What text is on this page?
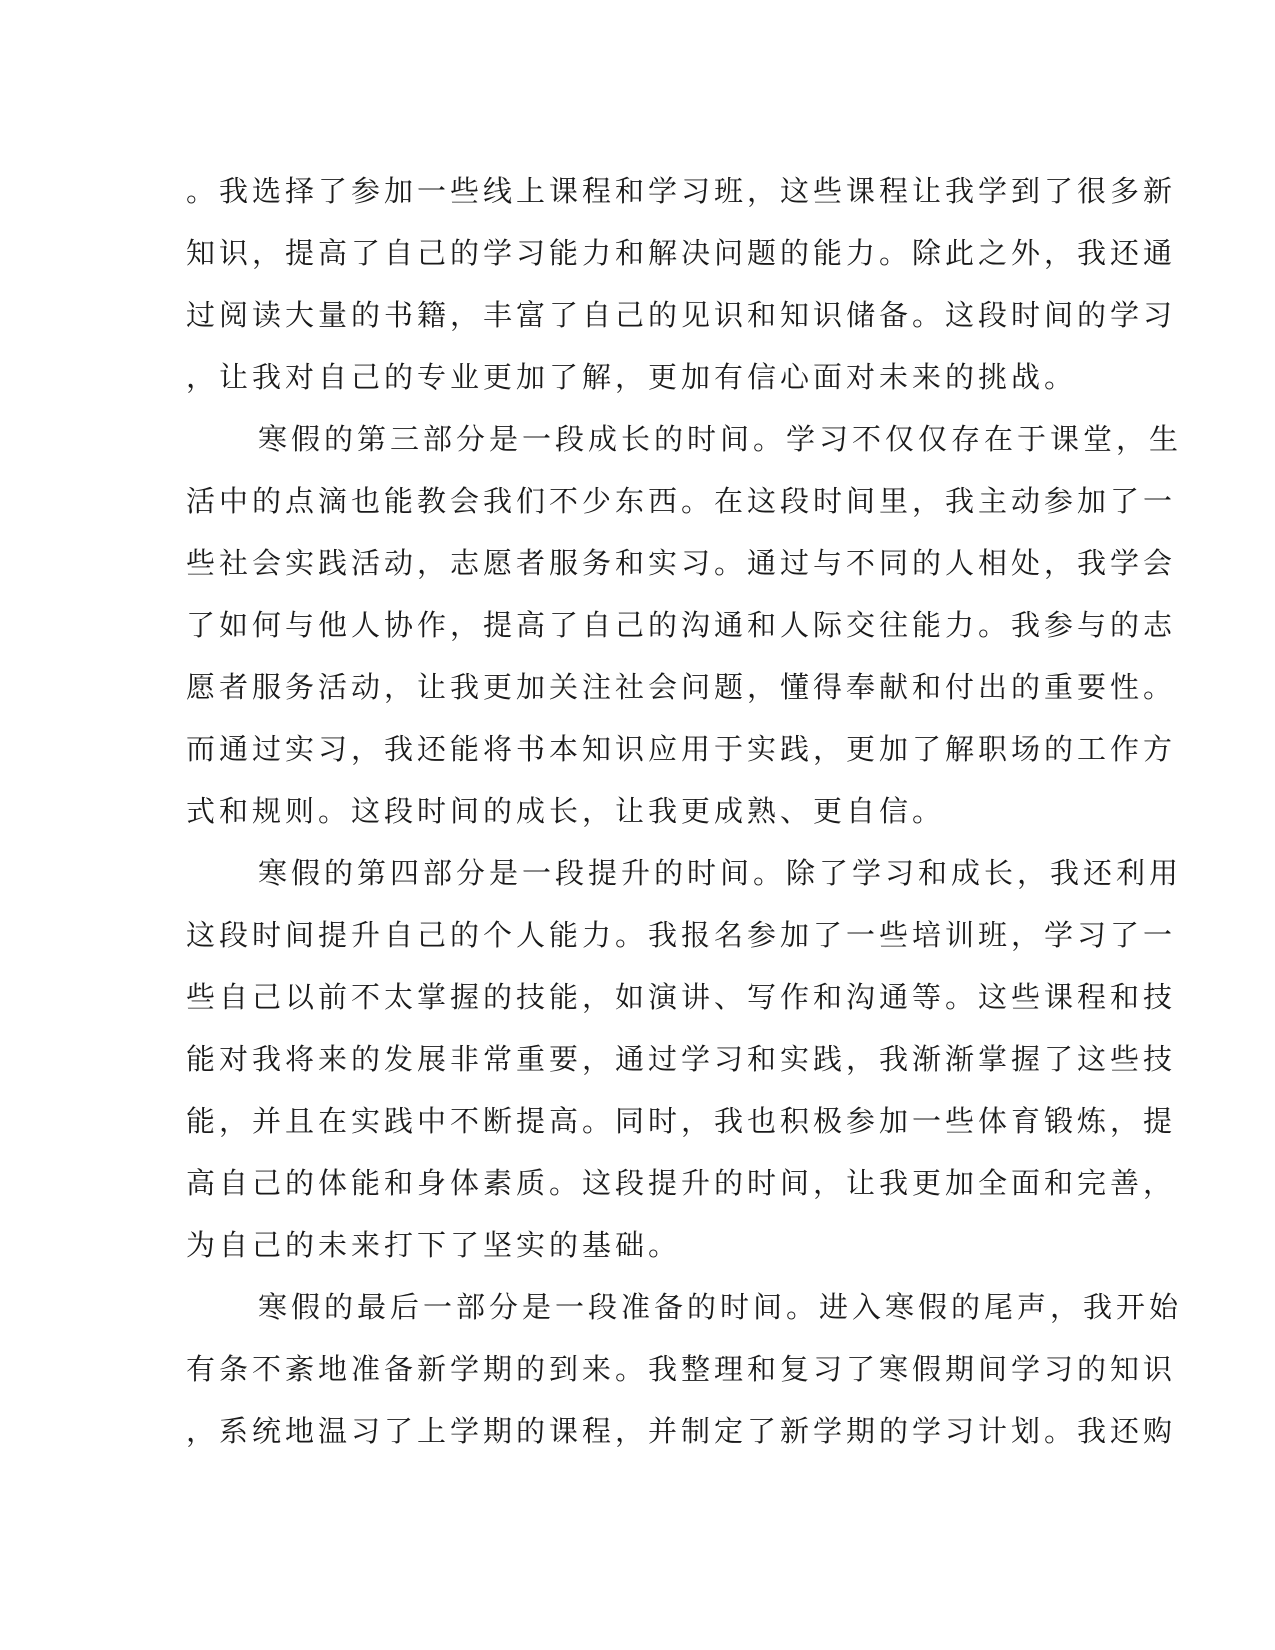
。我选择了参加一些线上课程和学习班，这些课程让我学到了很多新
知识，提高了自己的学习能力和解决问题的能力。除此之外，我还通
过阅读大量的书籍，丰富了自己的见识和知识储备。这段时间的学习
，让我对自己的专业更加了解，更加有信心面对未来的挑战。
寒假的第三部分是一段成长的时间。学习不仅仅存在于课堂，生
活中的点滴也能教会我们不少东西。在这段时间里，我主动参加了一
些社会实践活动，志愿者服务和实习。通过与不同的人相处，我学会
了如何与他人协作，提高了自己的沟通和人际交往能力。我参与的志
愿者服务活动，让我更加关注社会问题，懂得奉献和付出的重要性。
而通过实习，我还能将书本知识应用于实践，更加了解职场的工作方
式和规则。这段时间的成长，让我更成熟、更自信。
寒假的第四部分是一段提升的时间。除了学习和成长，我还利用
这段时间提升自己的个人能力。我报名参加了一些培训班，学习了一
些自己以前不太掌握的技能，如演讲、写作和沟通等。这些课程和技
能对我将来的发展非常重要，通过学习和实践，我渐渐掌握了这些技
能，并且在实践中不断提高。同时，我也积极参加一些体育锻炼，提
高自己的体能和身体素质。这段提升的时间，让我更加全面和完善，
为自己的未来打下了坚实的基础。
寒假的最后一部分是一段准备的时间。进入寒假的尾声，我开始
有条不紊地准备新学期的到来。我整理和复习了寒假期间学习的知识
，系统地温习了上学期的课程，并制定了新学期的学习计划。我还购
